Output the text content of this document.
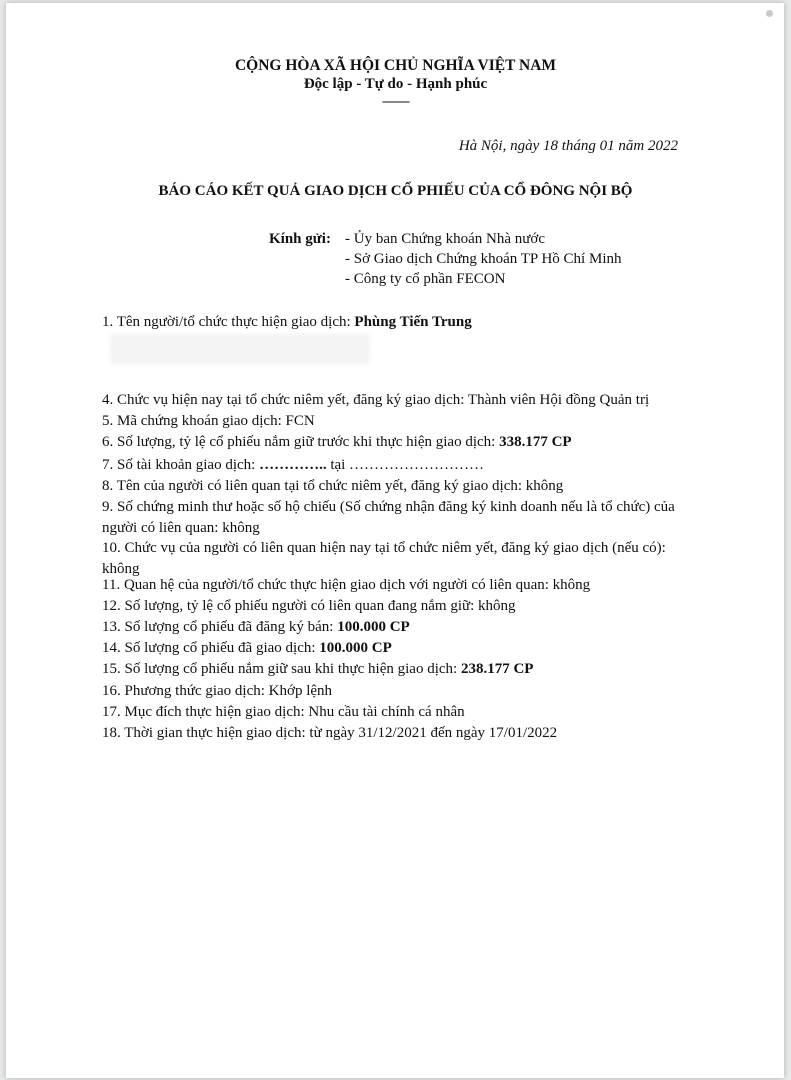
CỘNG HÒA XÃ HỘI CHỦ NGHĨA VIỆT NAM
Độc lập - Tự do - Hạnh phúc
---------
Hà Nội, ngày 18 tháng 01 năm 2022
BÁO CÁO KẾT QUẢ GIAO DỊCH CỔ PHIẾU CỦA CỔ ĐÔNG NỘI BỘ
Kính gửi: - Ủy ban Chứng khoán Nhà nước
- Sở Giao dịch Chứng khoán TP Hồ Chí Minh
- Công ty cổ phần FECON
1. Tên người/tổ chức thực hiện giao dịch: Phùng Tiến Trung
4. Chức vụ hiện nay tại tổ chức niêm yết, đăng ký giao dịch: Thành viên Hội đồng Quản trị
5. Mã chứng khoán giao dịch: FCN
6. Số lượng, tỷ lệ cổ phiếu nắm giữ trước khi thực hiện giao dịch: 338.177 CP
7. Số tài khoản giao dịch: ………….. tại ………………………
8. Tên của người có liên quan tại tổ chức niêm yết, đăng ký giao dịch: không
9. Số chứng minh thư hoặc số hộ chiếu (Số chứng nhận đăng ký kinh doanh nếu là tổ chức) của người có liên quan: không
10. Chức vụ của người có liên quan hiện nay tại tổ chức niêm yết, đăng ký giao dịch (nếu có): không
11. Quan hệ của người/tổ chức thực hiện giao dịch với người có liên quan: không
12. Số lượng, tỷ lệ cổ phiếu người có liên quan đang nắm giữ: không
13. Số lượng cổ phiếu đã đăng ký bán: 100.000 CP
14. Số lượng cổ phiếu đã giao dịch: 100.000 CP
15. Số lượng cổ phiếu nắm giữ sau khi thực hiện giao dịch: 238.177 CP
16. Phương thức giao dịch: Khớp lệnh
17. Mục đích thực hiện giao dịch: Nhu cầu tài chính cá nhân
18. Thời gian thực hiện giao dịch: từ ngày 31/12/2021 đến ngày 17/01/2022
